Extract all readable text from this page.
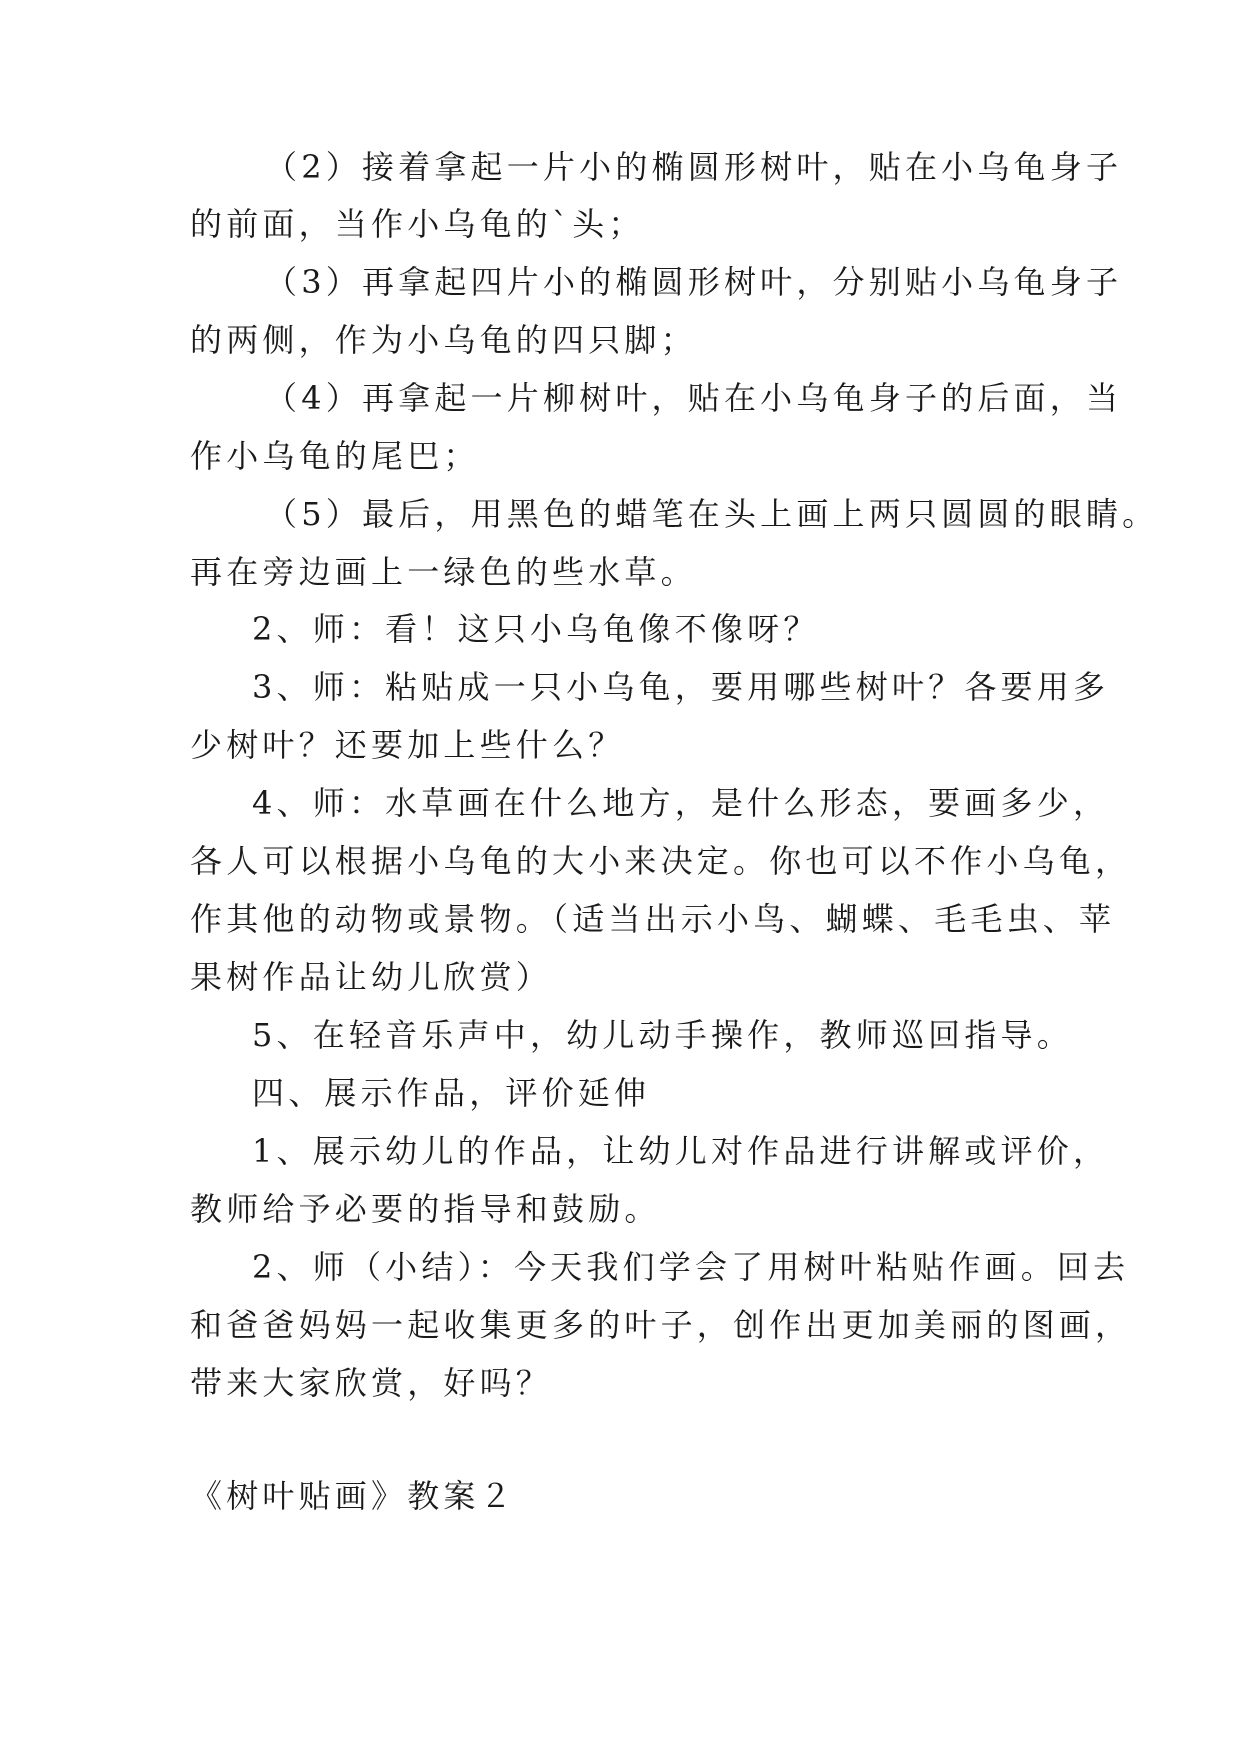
（2）接着拿起一片小的椭圆形树叶，贴在小乌龟身子
的前面，当作小乌龟的`头；
（3）再拿起四片小的椭圆形树叶，分别贴小乌龟身子
的两侧，作为小乌龟的四只脚；
（4）再拿起一片柳树叶，贴在小乌龟身子的后面，当
作小乌龟的尾巴；
（5）最后，用黑色的蜡笔在头上画上两只圆圆的眼睛。
再在旁边画上一绿色的些水草。
2、师：看！这只小乌龟像不像呀？
3、师：粘贴成一只小乌龟，要用哪些树叶？各要用多
少树叶？还要加上些什么？
4、师：水草画在什么地方，是什么形态，要画多少，
各人可以根据小乌龟的大小来决定。你也可以不作小乌龟，
作其他的动物或景物。（适当出示小鸟、蝴蝶、毛毛虫、苹
果树作品让幼儿欣赏）
5、在轻音乐声中，幼儿动手操作，教师巡回指导。
四、展示作品，评价延伸
1、展示幼儿的作品，让幼儿对作品进行讲解或评价，
教师给予必要的指导和鼓励。
2、师（小结）：今天我们学会了用树叶粘贴作画。回去
和爸爸妈妈一起收集更多的叶子，创作出更加美丽的图画，
带来大家欣赏，好吗？
《树叶贴画》教案２
